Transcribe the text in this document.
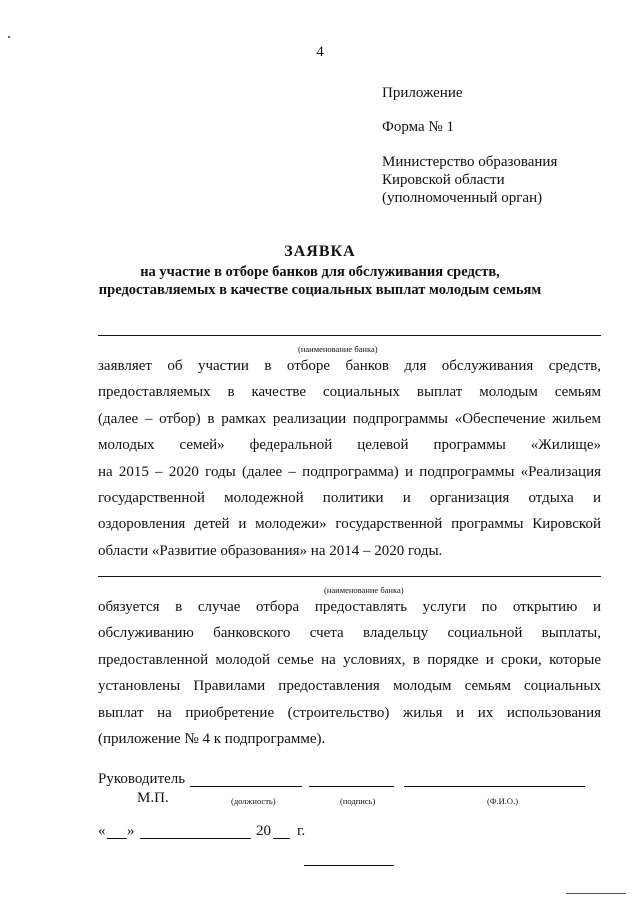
4
Приложение
Форма № 1
Министерство образования
Кировской области
(уполномоченный орган)
ЗАЯВКА
на участие в отборе банков для обслуживания средств,
предоставляемых в качестве социальных выплат молодым семьям
(наименование банка)
заявляет об участии в отборе банков для обслуживания средств,
предоставляемых в качестве социальных выплат молодым семьям
(далее – отбор) в рамках реализации подпрограммы «Обеспечение жильем
молодых семей» федеральной целевой программы «Жилище»
на 2015 – 2020 годы (далее – подпрограмма) и подпрограммы «Реализация
государственной молодежной политики и организация отдыха и
оздоровления детей и молодежи» государственной программы Кировской
области «Развитие образования» на 2014 – 2020 годы.
(наименование банка)
обязуется в случае отбора предоставлять услуги по открытию и
обслуживанию банковского счета владельцу социальной выплаты,
предоставленной молодой семье на условиях, в порядке и сроки, которые
установлены Правилами предоставления молодым семьям социальных
выплат на приобретение (строительство) жилья и их использования
(приложение № 4 к подпрограмме).
Руководитель
М.П.	(должность)	(подпись)	(Ф.И.О.)
« »	20 г.
